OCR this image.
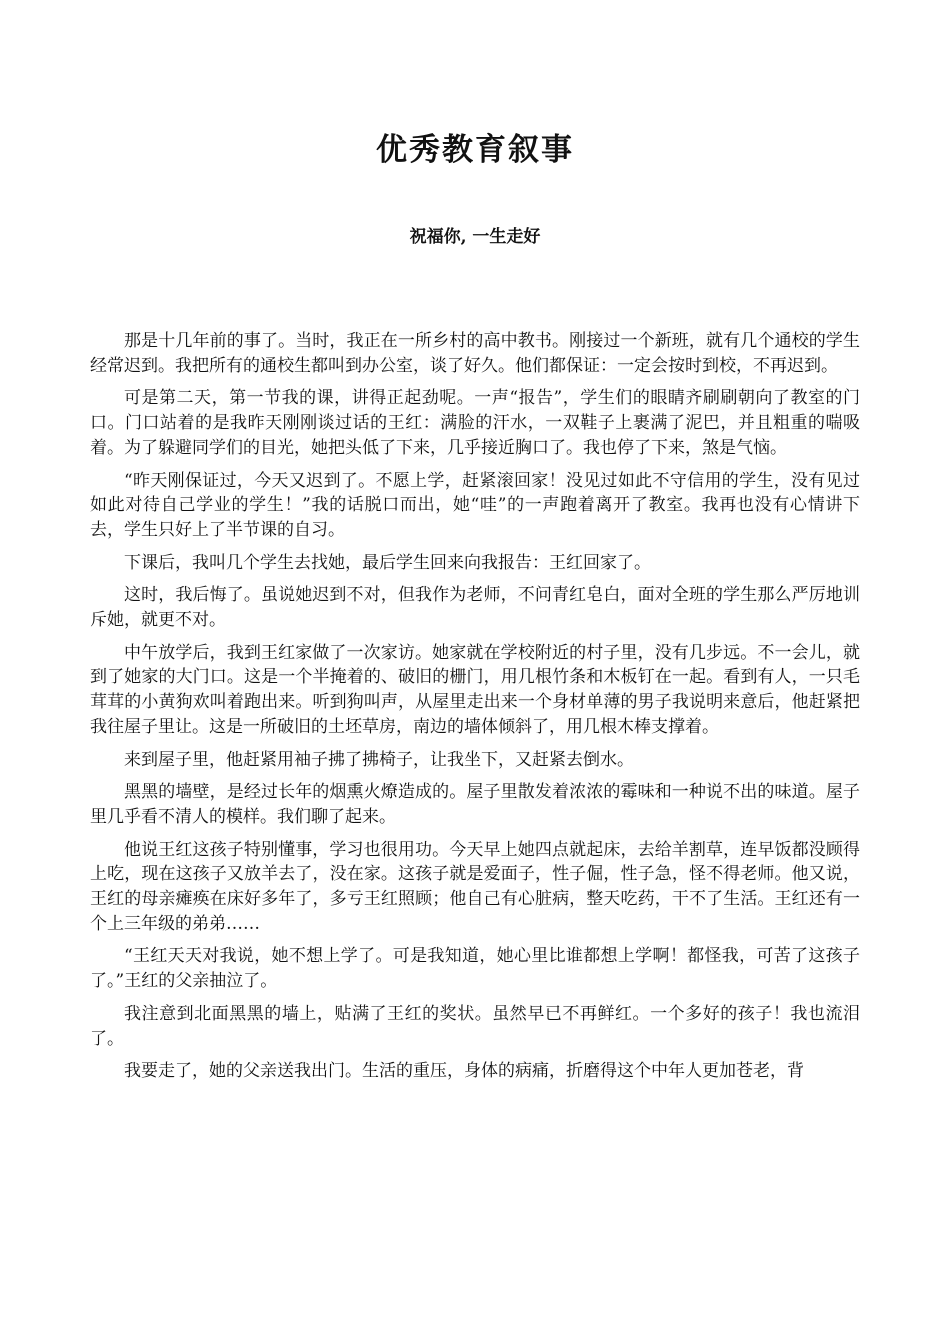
优秀教育叙事
祝福你, 一生走好

那是十几年前的事了。当时，我正在一所乡村的高中教书。刚接过一个新班，就有几个通校的学生经常迟到。我把所有的通校生都叫到办公室，谈了好久。他们都保证：一定会按时到校，不再迟到。

可是第二天，第一节我的课，讲得正起劲呢。一声“报告”，学生们的眼睛齐刷刷朝向了教室的门口。门口站着的是我昨天刚刚谈过话的王红：满脸的汗水，一双鞋子上裹满了泥巴，并且粗重的喘吸着。为了躲避同学们的目光，她把头低了下来，几乎接近胸口了。我也停了下来，煞是气恼。

“昨天刚保证过，今天又迟到了。不愿上学，赶紧滚回家！没见过如此不守信用的学生，没有见过如此对待自己学业的学生！”我的话脱口而出，她“哇”的一声跑着离开了教室。我再也没有心情讲下去，学生只好上了半节课的自习。

下课后，我叫几个学生去找她，最后学生回来向我报告：王红回家了。

这时，我后悔了。虽说她迟到不对，但我作为老师，不问青红皂白，面对全班的学生那么严厉地训斥她，就更不对。

中午放学后，我到王红家做了一次家访。她家就在学校附近的村子里，没有几步远。不一会儿，就到了她家的大门口。这是一个半掩着的、破旧的栅门，用几根竹条和木板钉在一起。看到有人，一只毛茸茸的小黄狗欢叫着跑出来。听到狗叫声，从屋里走出来一个身材单薄的男子我说明来意后，他赶紧把我往屋子里让。这是一所破旧的土坯草房，南边的墙体倾斜了，用几根木棒支撑着。

来到屋子里，他赶紧用袖子拂了拂椅子，让我坐下，又赶紧去倒水。

黑黑的墙壁，是经过长年的烟熏火燎造成的。屋子里散发着浓浓的霉味和一种说不出的味道。屋子里几乎看不清人的模样。我们聊了起来。

他说王红这孩子特别懂事，学习也很用功。今天早上她四点就起床，去给羊割草，连早饭都没顾得上吃，现在这孩子又放羊去了，没在家。这孩子就是爱面子，性子倔，性子急，怪不得老师。他又说，王红的母亲瘫痪在床好多年了，多亏王红照顾；他自己有心脏病，整天吃药，干不了生活。王红还有一个上三年级的弟弟……

“王红天天对我说，她不想上学了。可是我知道，她心里比谁都想上学啊！都怪我，可苦了这孩子了。”王红的父亲抽泣了。

我注意到北面黑黑的墙上，贴满了王红的奖状。虽然早已不再鲜红。一个多好的孩子！我也流泪了。

我要走了，她的父亲送我出门。生活的重压，身体的病痛，折磨得这个中年人更加苍老，背
